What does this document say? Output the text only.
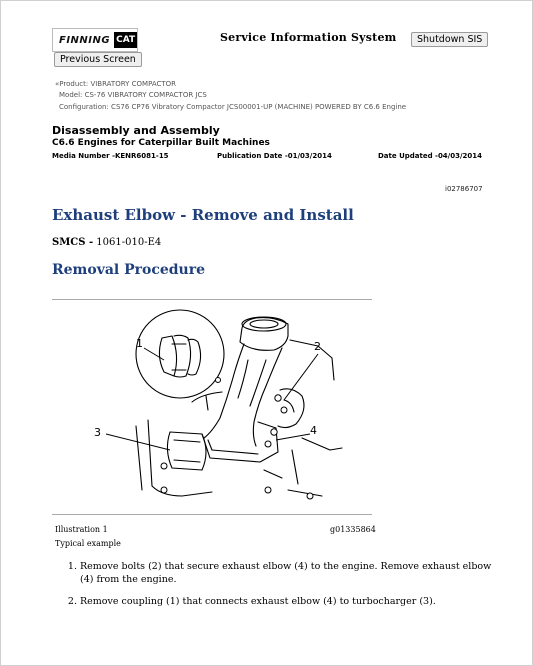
FINNING CAT	Service Information System	Shutdown SIS
Previous Screen
«Product: VIBRATORY COMPACTOR
Model: CS-76 VIBRATORY COMPACTOR JCS
Configuration: CS76 CP76 Vibratory Compactor JCS00001-UP (MACHINE) POWERED BY C6.6 Engine
Disassembly and Assembly
C6.6 Engines for Caterpillar Built Machines
Media Number -KENR6081-15	Publication Date -01/03/2014	Date Updated -04/03/2014
i02786707
Exhaust Elbow - Remove and Install
SMCS - 1061-010-E4
Removal Procedure
1	2
3	4
Illustration 1	g01335864
Typical example
1. Remove bolts (2) that secure exhaust elbow (4) to the engine. Remove exhaust elbow (4) from the engine.
2. Remove coupling (1) that connects exhaust elbow (4) to turbocharger (3).
